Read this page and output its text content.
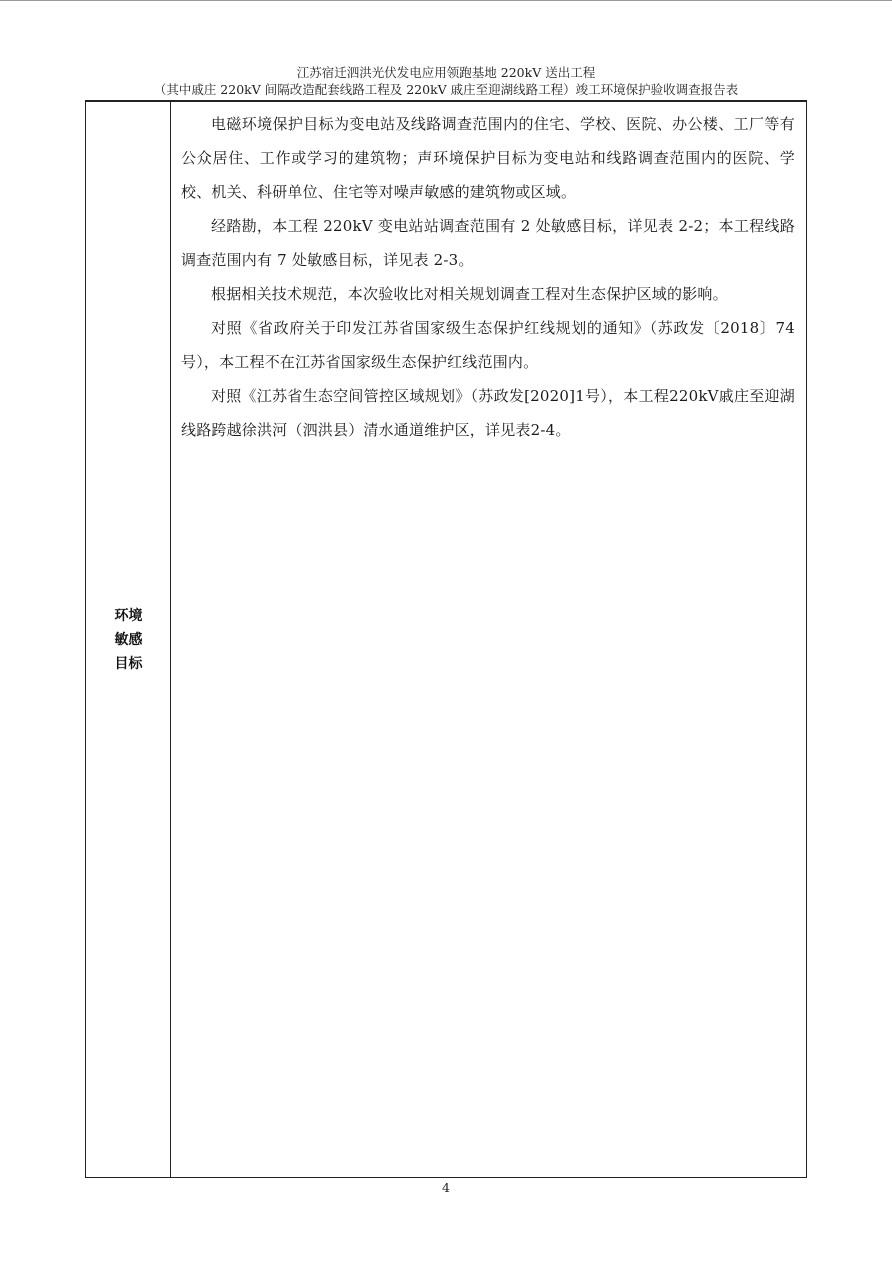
江苏宿迁泗洪光伏发电应用领跑基地 220kV 送出工程
（其中戚庄 220kV 间隔改造配套线路工程及 220kV 戚庄至迎湖线路工程）竣工环境保护验收调查报告表
环境
敏感
目标

电磁环境保护目标为变电站及线路调查范围内的住宅、学校、医院、办公楼、工厂等有公众居住、工作或学习的建筑物；声环境保护目标为变电站和线路调查范围内的医院、学校、机关、科研单位、住宅等对噪声敏感的建筑物或区域。

经踏勘，本工程 220kV 变电站站调查范围有 2 处敏感目标，详见表 2-2；本工程线路调查范围内有 7 处敏感目标，详见表 2-3。

根据相关技术规范，本次验收比对相关规划调查工程对生态保护区域的影响。

对照《省政府关于印发江苏省国家级生态保护红线规划的通知》（苏政发〔2018〕74 号），本工程不在江苏省国家级生态保护红线范围内。

对照《江苏省生态空间管控区域规划》（苏政发[2020]1号），本工程220kV戚庄至迎湖线路跨越徐洪河（泗洪县）清水通道维护区，详见表2-4。

4
